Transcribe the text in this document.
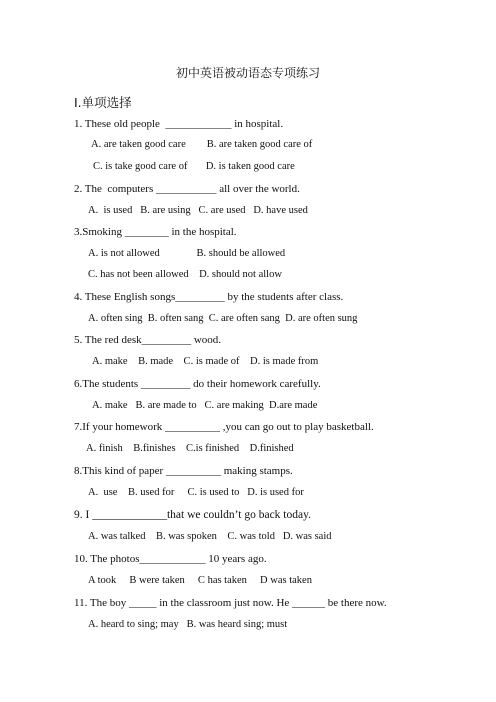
初中英语被动语态专项练习
I.单项选择
1. These old people  ____________ in hospital.
A. are taken good care        B. are taken good care of
C. is take good care of       D. is taken good care
2. The  computers ___________ all over the world.
A.  is used   B. are using   C. are used   D. have used
3.Smoking ________ in the hospital.
A. is not allowed              B. should be allowed
C. has not been allowed    D. should not allow
4. These English songs_________ by the students after class.
A. often sing  B. often sang  C. are often sang  D. are often sung
5. The red desk_________ wood.
A. make    B. made    C. is made of    D. is made from
6.The students _________ do their homework carefully.
A. make   B. are made to   C. are making  D.are made
7.If your homework __________ ,you can go out to play basketball.
A. finish    B.finishes    C.is finished    D.finished
8.This kind of paper __________ making stamps.
A.  use    B. used for     C. is used to   D. is used for
9. I _____________that we couldn’t go back today.
A. was talked    B. was spoken    C. was told   D. was said
10. The photos____________ 10 years ago.
A took     B were taken     C has taken     D was taken
11. The boy _____ in the classroom just now. He ______ be there now.
A. heard to sing; may   B. was heard sing; must
